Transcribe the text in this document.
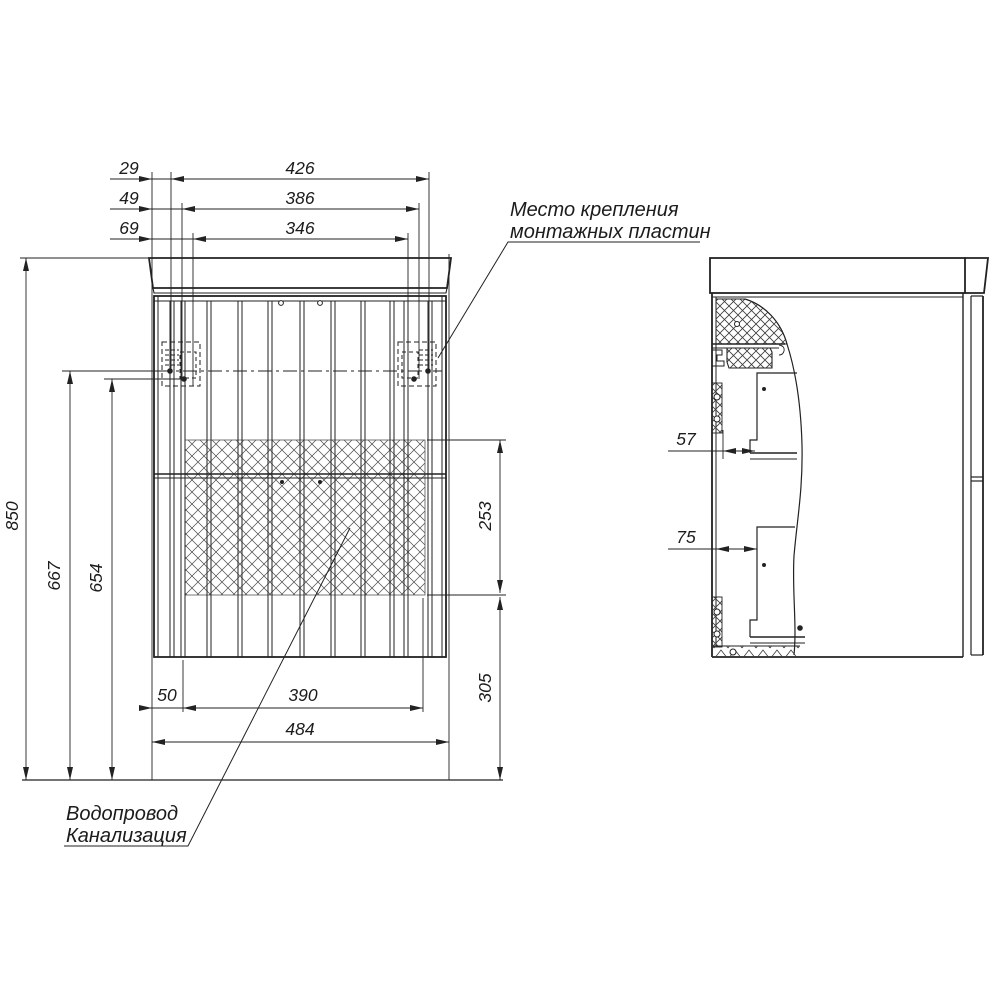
29	426
49	386
69	346
850
667 654
253
305
50	390
484
57
75
Место крепления
монтажных пластин
Водопровод
Канализация
